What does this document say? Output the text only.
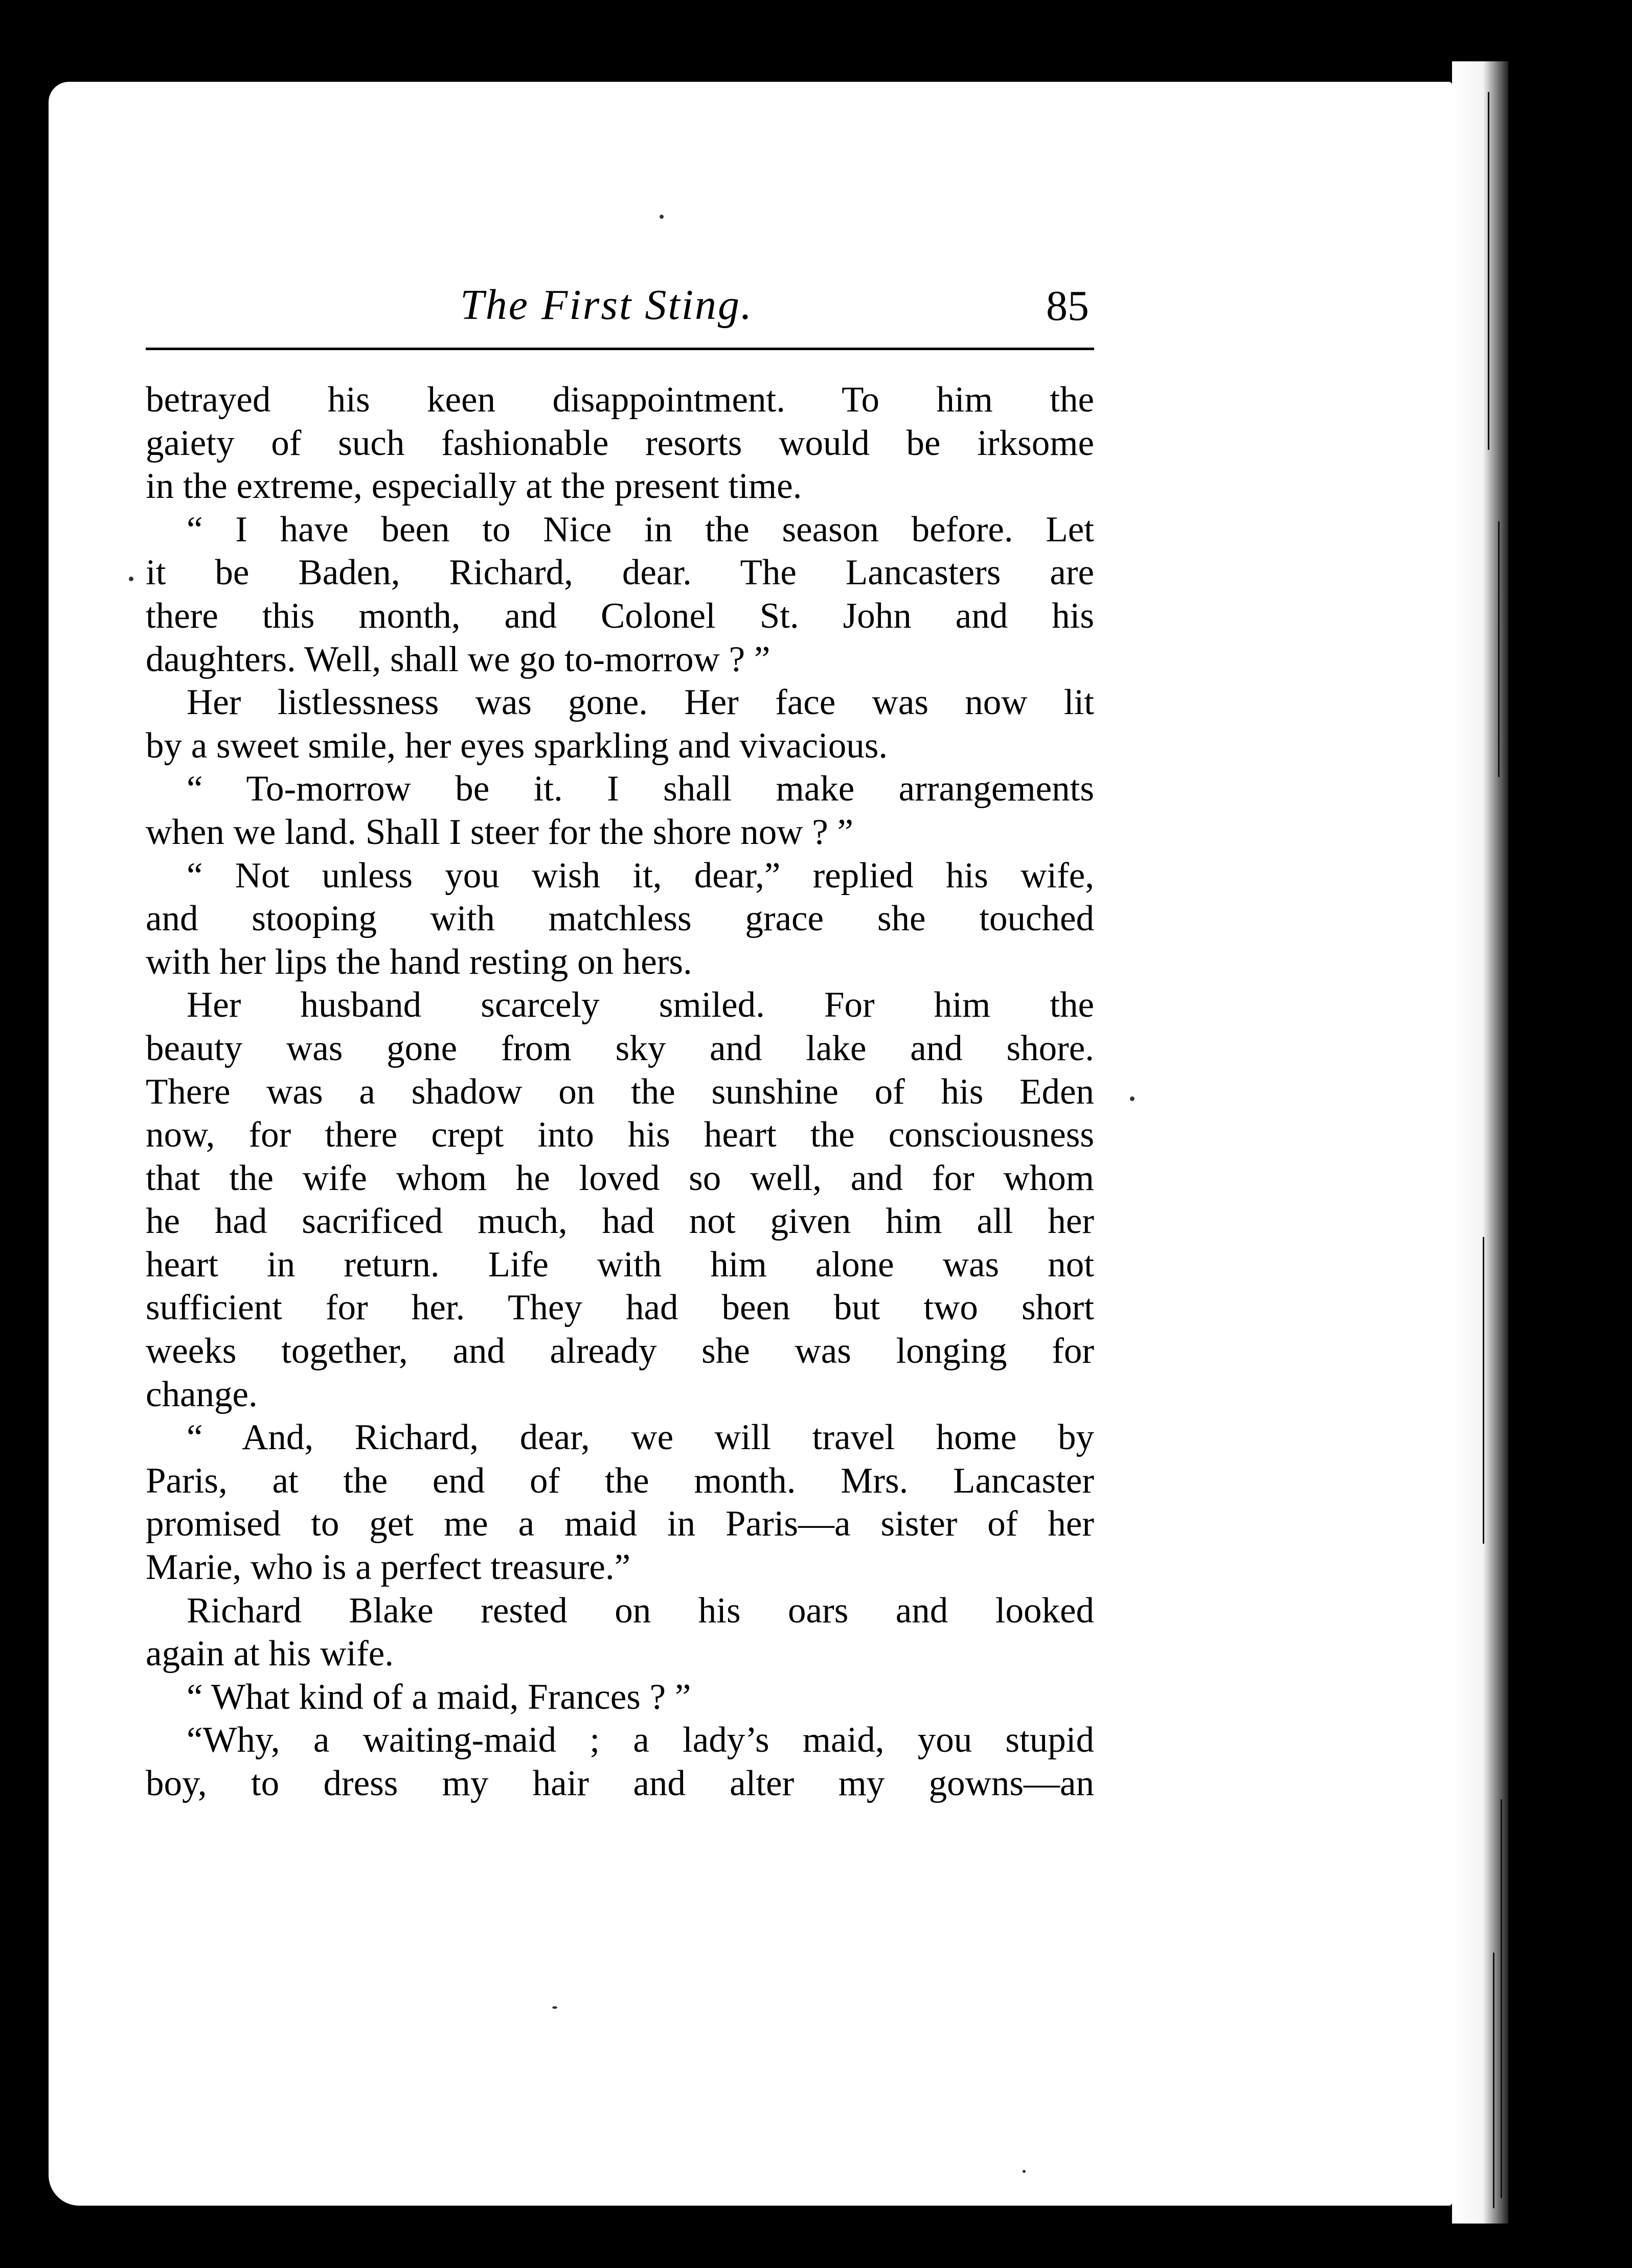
The First Sting.	85
betrayed his keen disappointment. To him the
gaiety of such fashionable resorts would be irksome
in the extreme, especially at the present time.
“ I have been to Nice in the season before. Let
it be Baden, Richard, dear. The Lancasters are
there this month, and Colonel St. John and his
daughters. Well, shall we go to-morrow ? ”
Her listlessness was gone. Her face was now lit
by a sweet smile, her eyes sparkling and vivacious.
“ To-morrow be it. I shall make arrangements
when we land. Shall I steer for the shore now ? ”
“ Not unless you wish it, dear,” replied his wife,
and stooping with matchless grace she touched
with her lips the hand resting on hers.
Her husband scarcely smiled. For him the
beauty was gone from sky and lake and shore.
There was a shadow on the sunshine of his Eden
now, for there crept into his heart the consciousness
that the wife whom he loved so well, and for whom
he had sacrificed much, had not given him all her
heart in return. Life with him alone was not
sufficient for her. They had been but two short
weeks together, and already she was longing for
change.
“ And, Richard, dear, we will travel home by
Paris, at the end of the month. Mrs. Lancaster
promised to get me a maid in Paris—a sister of her
Marie, who is a perfect treasure.”
Richard Blake rested on his oars and looked
again at his wife.
“ What kind of a maid, Frances ? ”
“Why, a waiting-maid ; a lady’s maid, you stupid
boy, to dress my hair and alter my gowns—an
